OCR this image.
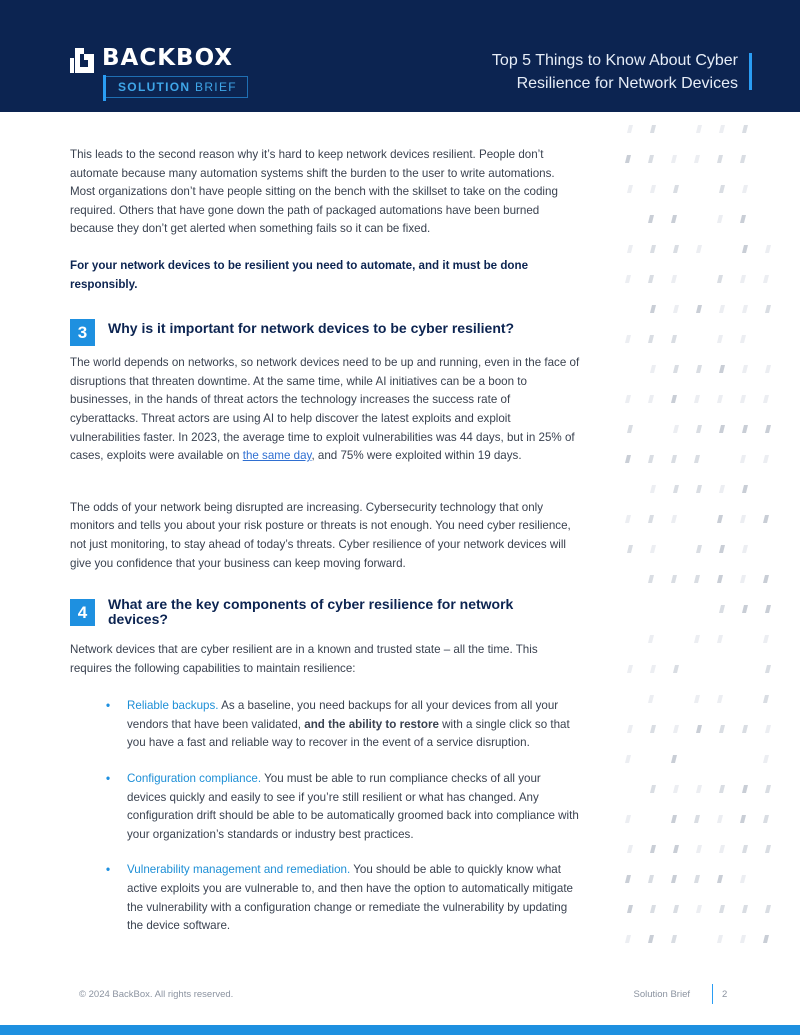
BACKBOX
SOLUTION BRIEF
Top 5 Things to Know About Cyber
Resilience for Network Devices

This leads to the second reason why it’s hard to keep network devices resilient. People don’t automate because many automation systems shift the burden to the user to write automations. Most organizations don’t have people sitting on the bench with the skillset to take on the coding required. Others that have gone down the path of packaged automations have been burned because they don’t get alerted when something fails so it can be fixed.

For your network devices to be resilient you need to automate, and it must be done responsibly.

3	Why is it important for network devices to be cyber resilient?

The world depends on networks, so network devices need to be up and running, even in the face of disruptions that threaten downtime. At the same time, while AI initiatives can be a boon to businesses, in the hands of threat actors the technology increases the success rate of cyberattacks. Threat actors are using AI to help discover the latest exploits and exploit vulnerabilities faster. In 2023, the average time to exploit vulnerabilities was 44 days, but in 25% of cases, exploits were available on the same day, and 75% were exploited within 19 days.

The odds of your network being disrupted are increasing. Cybersecurity technology that only monitors and tells you about your risk posture or threats is not enough. You need cyber resilience, not just monitoring, to stay ahead of today’s threats. Cyber resilience of your network devices will give you confidence that your business can keep moving forward.

4	What are the key components of cyber resilience for network devices?

Network devices that are cyber resilient are in a known and trusted state – all the time. This requires the following capabilities to maintain resilience:

• Reliable backups. As a baseline, you need backups for all your devices from all your vendors that have been validated, and the ability to restore with a single click so that you have a fast and reliable way to recover in the event of a service disruption.
• Configuration compliance. You must be able to run compliance checks of all your devices quickly and easily to see if you’re still resilient or what has changed. Any configuration drift should be able to be automatically groomed back into compliance with your organization’s standards or industry best practices.
• Vulnerability management and remediation. You should be able to quickly know what active exploits you are vulnerable to, and then have the option to automatically mitigate the vulnerability with a configuration change or remediate the vulnerability by updating the device software.
© 2024 BackBox. All rights reserved.	Solution Brief	2
